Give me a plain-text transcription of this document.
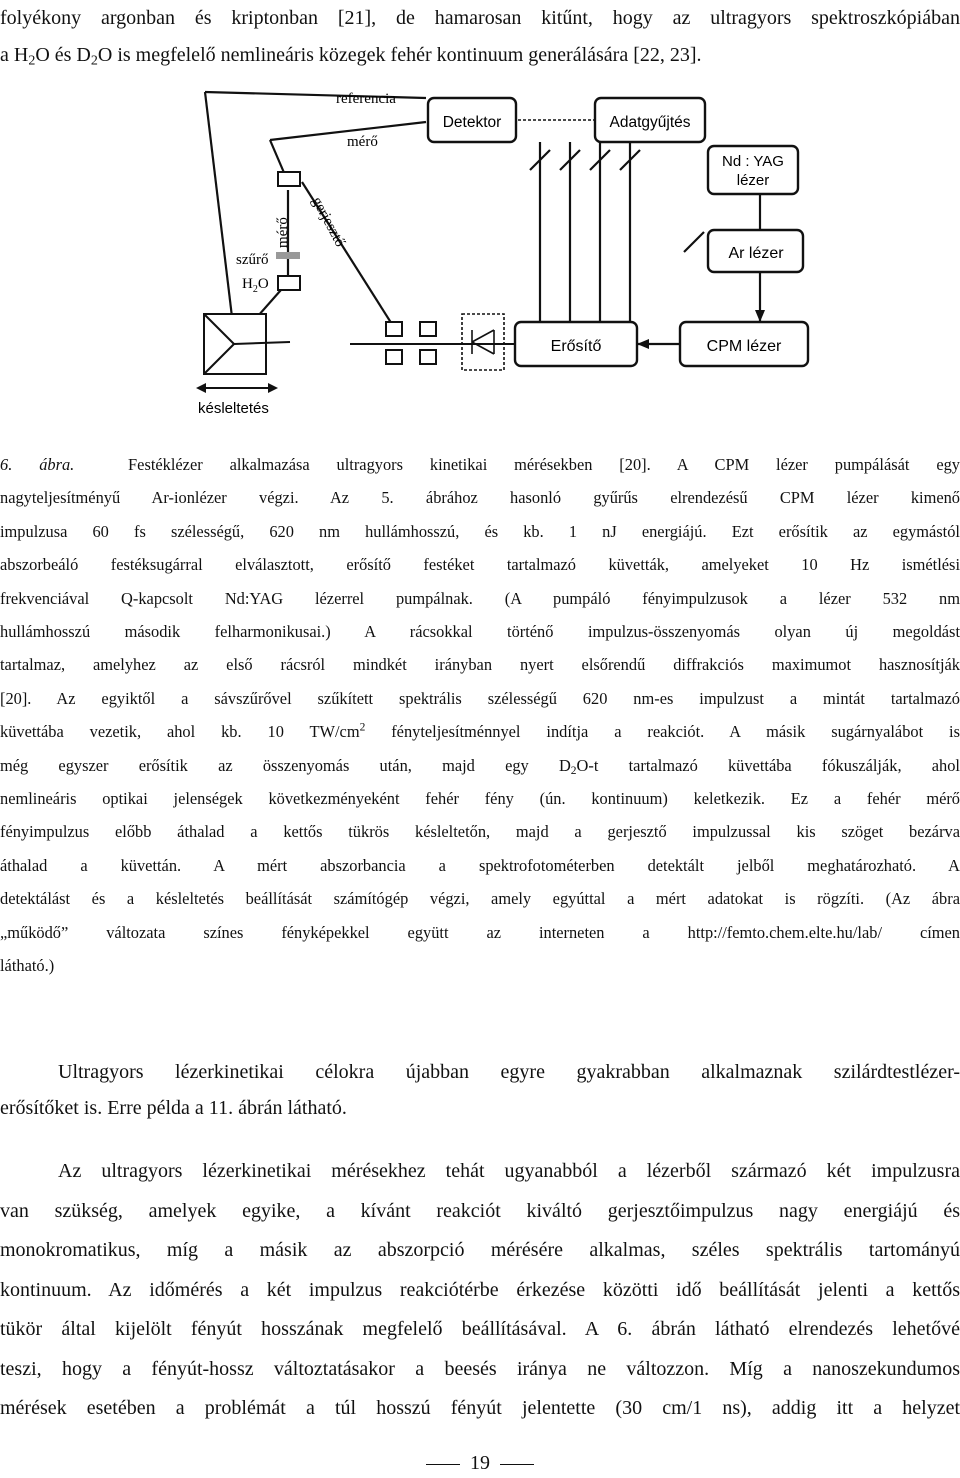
folyékony argonban és kriptonban [21], de hamarosan kitűnt, hogy az ultragyors spektroszkópiában
a $H_2O$ és $D_2O$ is megfelelő nemlineáris közegek fehér kontinuum generálására [22, 23].
Detektor	Adatgyűjtés
Nd : YAG
lézer
Ar lézer
Erősítő	CPM lézer
referencia
mérő
gerjesztő
mérő
szűrő
$H_2O$
késleltetés
6. ábra.	Festéklézer alkalmazása ultragyors kinetikai mérésekben [20]. A CPM lézer pumpálását egy
nagyteljesítményű Ar-ionlézer végzi. Az 5. ábrához hasonló gyűrűs elrendezésű CPM lézer kimenő
impulzusa 60 fs szélességű, 620 nm hullámhosszú, és kb. 1 nJ energiájú. Ezt erősítik az egymástól
abszorbeáló festéksugárral elválasztott, erősítő festéket tartalmazó küvetták, amelyeket 10 Hz ismétlési
frekvenciával Q-kapcsolt Nd:YAG lézerrel pumpálnak. (A pumpáló fényimpulzusok a lézer 532 nm
hullámhosszú második felharmonikusai.) A rácsokkal történő impulzus-összenyomás olyan új megoldást
tartalmaz, amelyhez az első rácsról mindkét irányban nyert elsőrendű diffrakciós maximumot hasznosítják
[20]. Az egyiktől a sávszűrővel szűkített spektrális szélességű 620 nm-es impulzust a mintát tartalmazó
küvettába vezetik, ahol kb. 10 $TW/cm^2$ fényteljesítménnyel indítja a reakciót. A másik sugárnyalábot is
még egyszer erősítik az összenyomás után, majd egy $D_2O-t$ tartalmazó küvettába fókuszálják, ahol
nemlineáris optikai jelenségek következményeként fehér fény (ún. kontinuum) keletkezik. Ez a fehér mérő
fényimpulzus előbb áthalad a kettős tükrös késleltetőn, majd a gerjesztő impulzussal kis szöget bezárva
áthalad a küvettán. A mért abszorbancia a spektrofotométerben detektált jelből meghatározható. A
detektálást és a késleltetés beállítását számítógép végzi, amely egyúttal a mért adatokat is rögzíti. (Az ábra
„működő” változata színes fényképekkel együtt az interneten a http://femto.chem.elte.hu/lab/ címen
látható.)
Ultragyors lézerkinetikai célokra újabban egyre gyakrabban alkalmaznak szilárdtestlézer-
erősítőket is. Erre példa a 11. ábrán látható.
Az ultragyors lézerkinetikai mérésekhez tehát ugyanabból a lézerből származó két impulzusra
van szükség, amelyek egyike, a kívánt reakciót kiváltó gerjesztőimpulzus nagy energiájú és
monokromatikus, míg a másik az abszorpció mérésére alkalmas, széles spektrális tartományú
kontinuum. Az időmérés a két impulzus reakciótérbe érkezése közötti idő beállítását jelenti a kettős
tükör által kijelölt fényút hosszának megfelelő beállításával. A 6. ábrán látható elrendezés lehetővé
teszi, hogy a fényút-hossz változtatásakor a beesés iránya ne változzon. Míg a nanoszekundumos
mérések esetében a problémát a túl hosszú fényút jelentette (30 cm/1 ns), addig itt a helyzet
19
